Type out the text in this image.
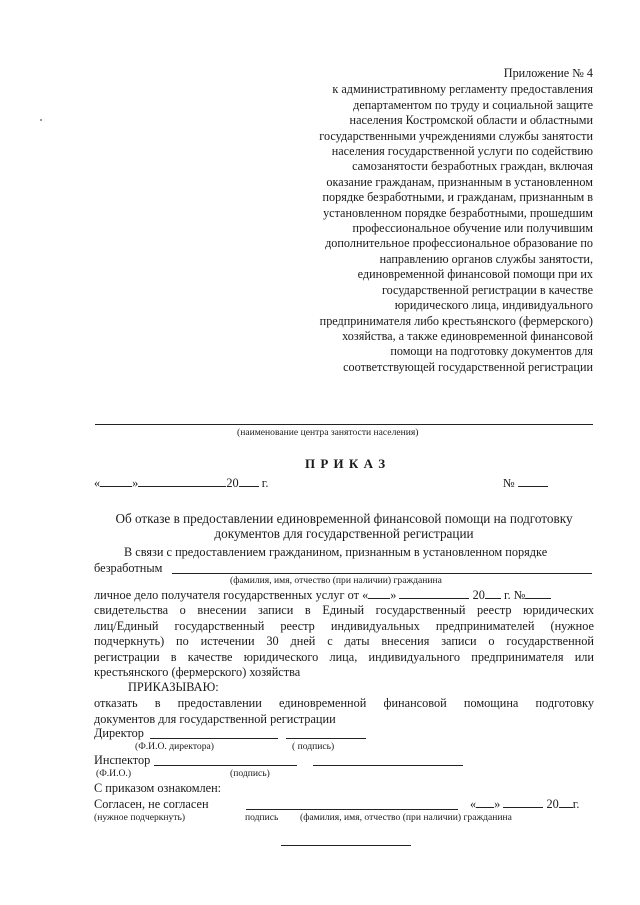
Приложение № 4
к административному регламенту предоставления
департаментом по труду и социальной защите
населения Костромской области и областными
государственными учреждениями службы занятости
населения государственной услуги по содействию
самозанятости безработных граждан, включая
оказание гражданам, признанным в установленном
порядке безработными, и гражданам, признанным в
установленном порядке безработными, прошедшим
профессиональное обучение или получившим
дополнительное профессиональное образование по
направлению органов службы занятости,
единовременной финансовой помощи при их
государственной регистрации в качестве
юридического лица, индивидуального
предпринимателя либо крестьянского (фермерского)
хозяйства, а также единовременной финансовой
помощи на подготовку документов для
соответствующей государственной регистрации
(наименование центра занятости населения)
П Р И К А З
«	»	20 г.	№
Об отказе в предоставлении единовременной финансовой помощи на подготовку
документов для государственной регистрации
В связи с предоставлением гражданином, признанным в установленном порядке
безработным
(фамилия, имя, отчество (при наличии) гражданина
личное дело получателя государственных услуг от « »	20 г. №
свидетельства о внесении записи в Единый государственный реестр юридических
лиц/Единый государственный реестр индивидуальных предпринимателей (нужное
подчеркнуть) по истечении 30 дней с даты внесения записи о государственной
регистрации в качестве юридического лица, индивидуального предпринимателя или
крестьянского (фермерского) хозяйства
ПРИКАЗЫВАЮ:
отказать в предоставлении единовременной финансовой помощина подготовку
документов для государственной регистрации
Директор
(Ф.И.О. директора)	( подпись)
Инспектор
(Ф.И.О.)	(подпись)
С приказом ознакомлен:
Согласен, не согласен	« »	20 г.
(нужное подчеркнуть)	подпись (фамилия, имя, отчество (при наличии) гражданина
